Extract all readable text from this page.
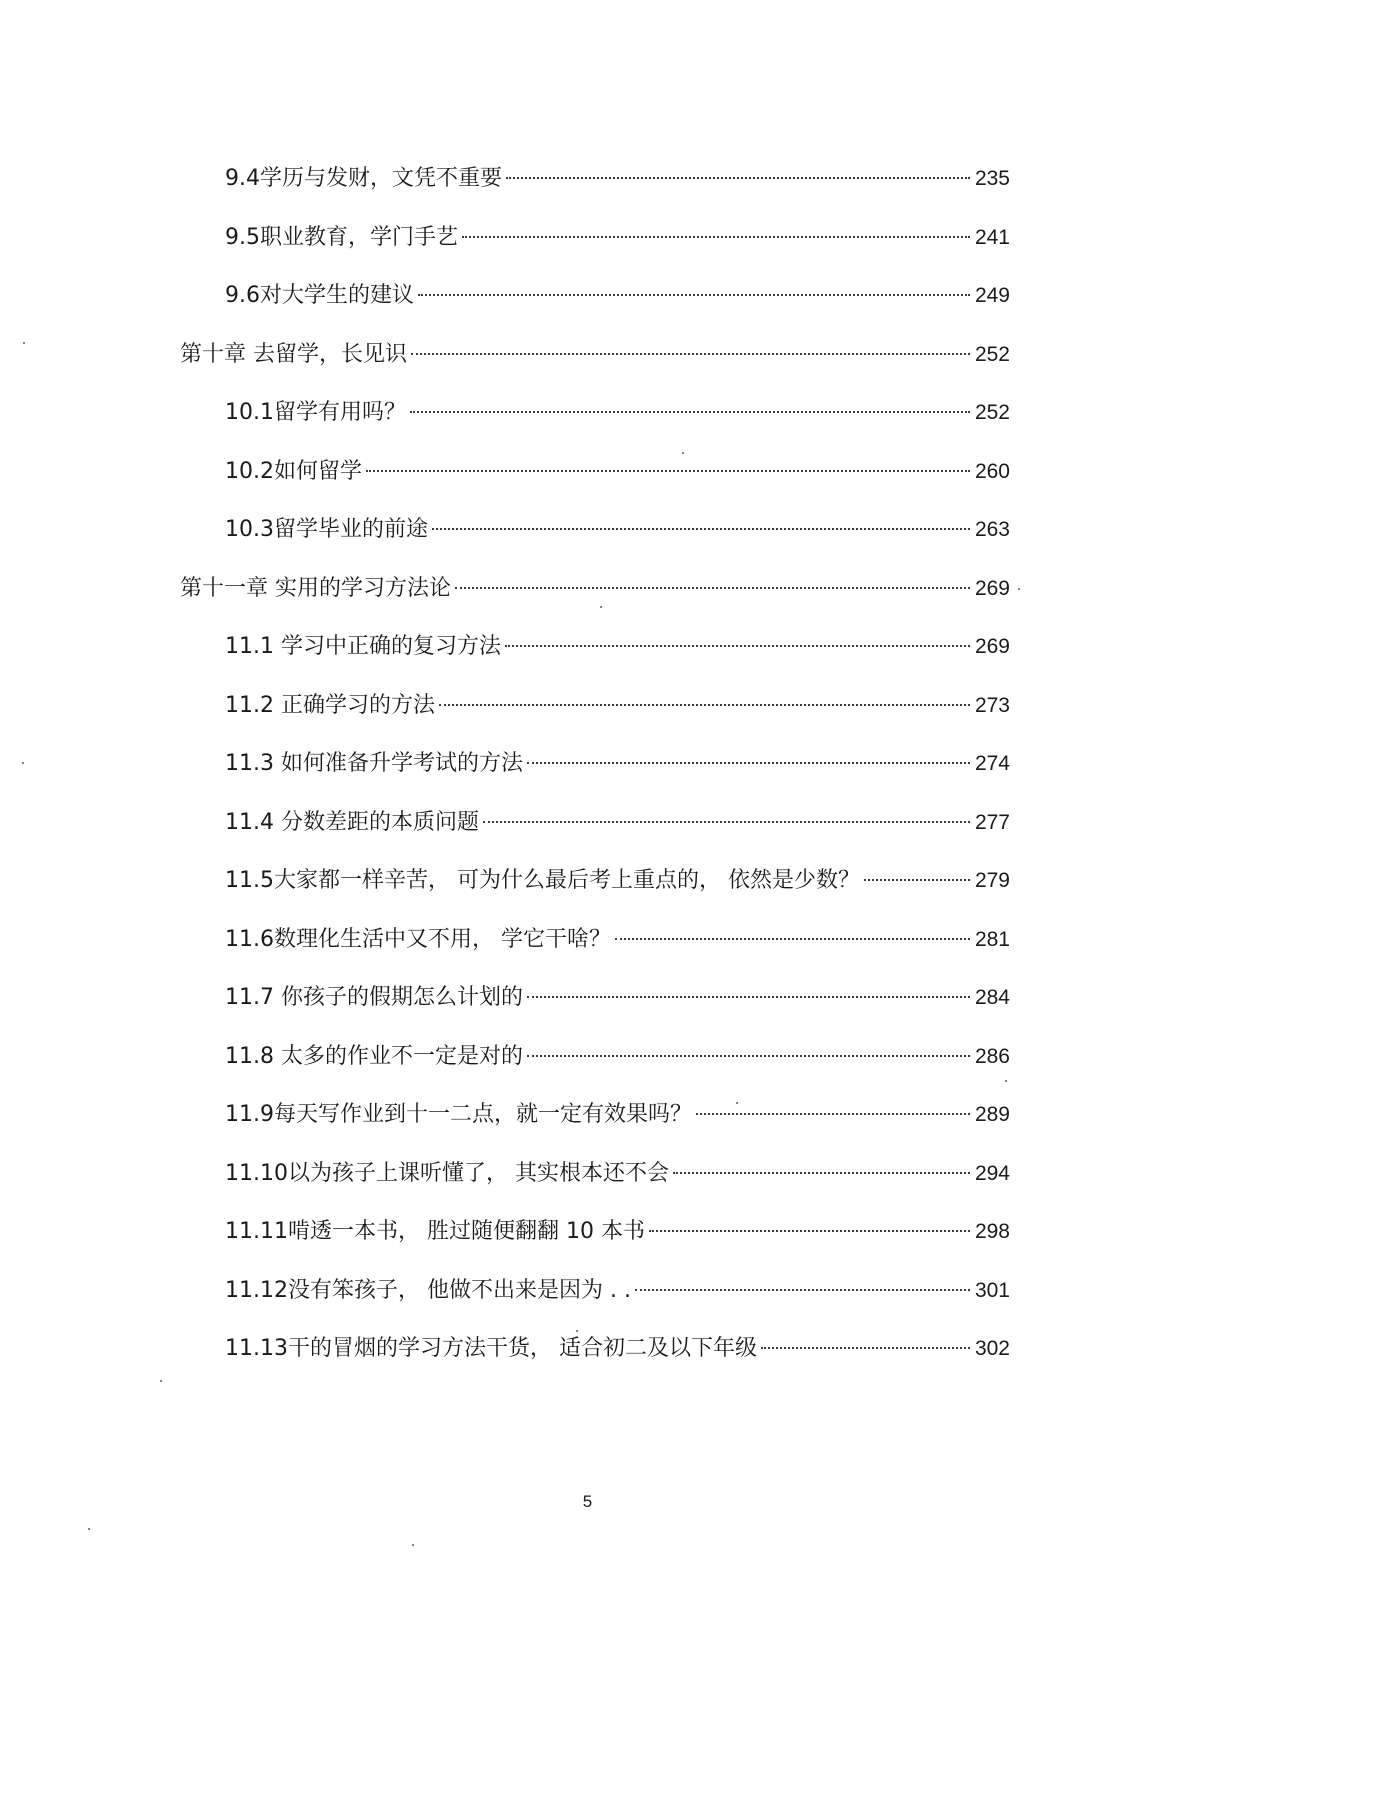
9.4学历与发财，文凭不重要	235
9.5职业教育，学门手艺	241
9.6对大学生的建议	249
第十章 去留学，长见识	252
10.1留学有用吗？	252
10.2如何留学	260
10.3留学毕业的前途	263
第十一章 实用的学习方法论	269
11.1 学习中正确的复习方法	269
11.2 正确学习的方法	273
11.3 如何准备升学考试的方法	274
11.4 分数差距的本质问题	277
11.5大家都一样辛苦， 可为什么最后考上重点的， 依然是少数？	279
11.6数理化生活中又不用， 学它干啥？	281
11.7 你孩子的假期怎么计划的	284
11.8 太多的作业不一定是对的	286
11.9每天写作业到十一二点，就一定有效果吗？	289
11.10以为孩子上课听懂了， 其实根本还不会	294
11.11啃透一本书， 胜过随便翻翻 10 本书	298
11.12没有笨孩子， 他做不出来是因为 . .	301
11.13干的冒烟的学习方法干货， 适合初二及以下年级	302
5
